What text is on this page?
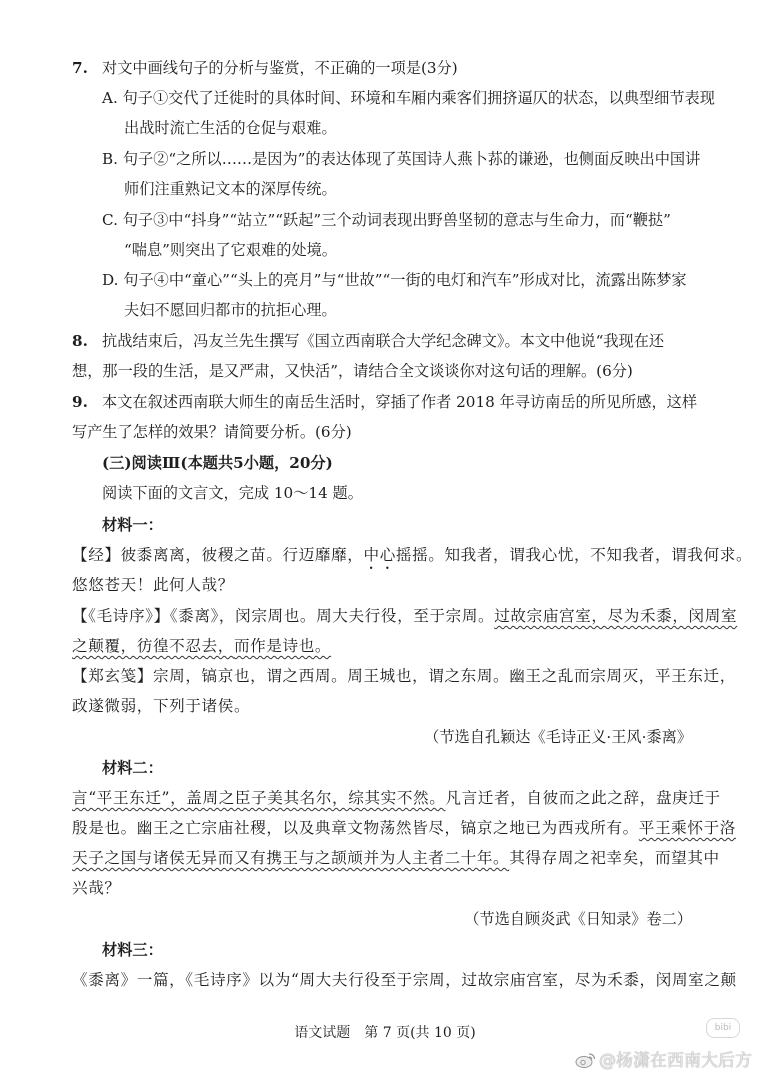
7. 对文中画线句子的分析与鉴赏，不正确的一项是(3分)
A. 句子①交代了迁徙时的具体时间、环境和车厢内乘客们拥挤逼仄的状态，以典型细节表现
出战时流亡生活的仓促与艰难。
B. 句子②“之所以……是因为”的表达体现了英国诗人燕卜荪的谦逊，也侧面反映出中国讲
师们注重熟记文本的深厚传统。
C. 句子③中“抖身”“站立”“跃起”三个动词表现出野兽坚韧的意志与生命力，而“鞭挞”
“喘息”则突出了它艰难的处境。
D. 句子④中“童心”“头上的亮月”与“世故”“一街的电灯和汽车”形成对比，流露出陈梦家
夫妇不愿回归都市的抗拒心理。
8. 抗战结束后，冯友兰先生撰写《国立西南联合大学纪念碑文》。本文中他说“我现在还
想，那一段的生活，是又严肃，又快活”，请结合全文谈谈你对这句话的理解。(6分)
9. 本文在叙述西南联大师生的南岳生活时，穿插了作者 2018 年寻访南岳的所见所感，这样
写产生了怎样的效果？请简要分析。(6分)
(三)阅读Ⅲ(本题共5小题，20分)
阅读下面的文言文，完成 10～14 题。
材料一：
【经】彼黍离离，彼稷之苗。行迈靡靡，中心摇摇。知我者，谓我心忧，不知我者，谓我何求。
悠悠苍天！此何人哉？
【《毛诗序》】《黍离》，闵宗周也。周大夫行役，至于宗周。过故宗庙宫室，尽为禾黍，闵周室
之颠覆，彷徨不忍去，而作是诗也。
【郑玄笺】宗周，镐京也，谓之西周。周王城也，谓之东周。幽王之乱而宗周灭，平王东迁，
政遂微弱，下列于诸侯。
（节选自孔颖达《毛诗正义·王风·黍离》
材料二：
言“平王东迁”，盖周之臣子美其名尔，综其实不然。凡言迁者，自彼而之此之辞，盘庚迁于
殷是也。幽王之亡宗庙社稷，以及典章文物荡然皆尽，镐京之地已为西戎所有。平王乘怀于洛
天子之国与诸侯无异而又有携王与之颉颃并为人主者二十年。其得存周之祀幸矣，而望其中
兴哉？
（节选自顾炎武《日知录》卷二）
材料三：
《黍离》一篇，《毛诗序》以为“周大夫行役至于宗周，过故宗庙宫室，尽为禾黍，闵周室之颠
语文试题　第 7 页(共 10 页)	bibi
@杨潇在西南大后方
